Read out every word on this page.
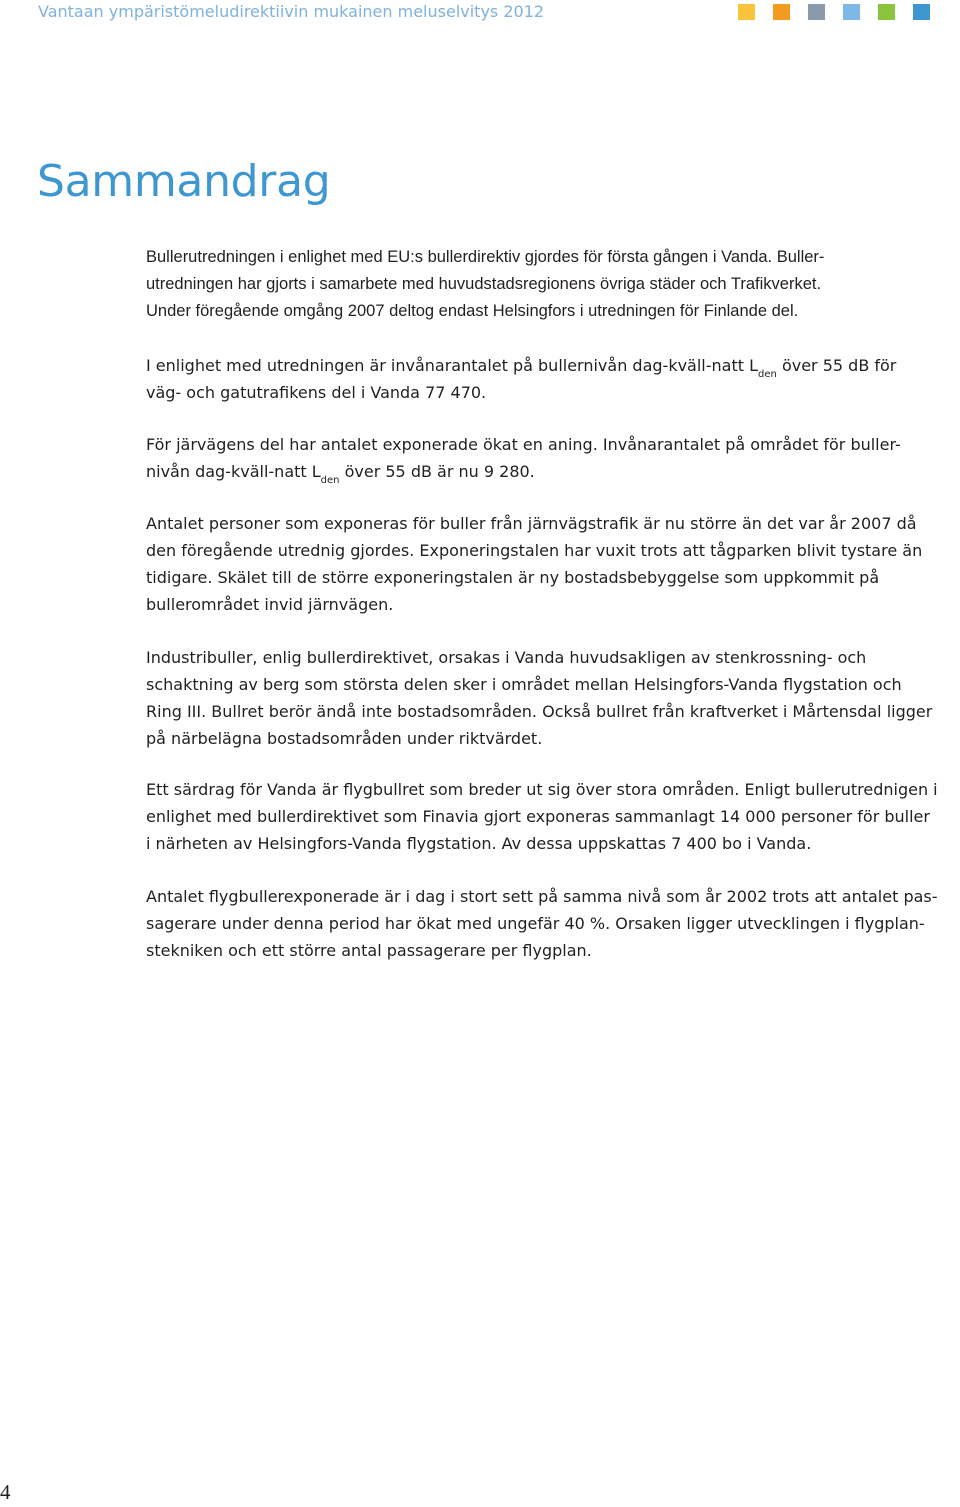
Vantaan ympäristömeludirektiivin mukainen meluselvitys 2012
Sammandrag

Bullerutredningen i enlighet med EU:s bullerdirektiv gjordes för första gången i Vanda. Buller-
utredningen har gjorts i samarbete med huvudstadsregionens övriga städer och Trafikverket.
Under föregående omgång 2007 deltog endast Helsingfors i utredningen för Finlande del.

I enlighet med utredningen är invånarantalet på bullernivån dag-kväll-natt $L_{den}$ över 55 dB för
väg- och gatutrafikens del i Vanda 77 470.

För järvägens del har antalet exponerade ökat en aning. Invånarantalet på området för buller-
nivån dag-kväll-natt $L_{den}$ över 55 dB är nu 9 280.

Antalet personer som exponeras för buller från järnvägstrafik är nu större än det var år 2007 då
den föregående utrednig gjordes. Exponeringstalen har vuxit trots att tågparken blivit tystare än
tidigare. Skälet till de större exponeringstalen är ny bostadsbebyggelse som uppkommit på
bullerområdet invid järnvägen.

Industribuller, enlig bullerdirektivet, orsakas i Vanda huvudsakligen av stenkrossning- och
schaktning av berg som största delen sker i området mellan Helsingfors-Vanda flygstation och
Ring III. Bullret berör ändå inte bostadsområden. Också bullret från kraftverket i Mårtensdal ligger
på närbelägna bostadsområden under riktvärdet.

Ett särdrag för Vanda är flygbullret som breder ut sig över stora områden. Enligt bullerutrednigen i
enlighet med bullerdirektivet som Finavia gjort exponeras sammanlagt 14 000 personer för buller
i närheten av Helsingfors-Vanda flygstation. Av dessa uppskattas 7 400 bo i Vanda.

Antalet flygbullerexponerade är i dag i stort sett på samma nivå som år 2002 trots att antalet pas-
sagerare under denna period har ökat med ungefär 40 %. Orsaken ligger utvecklingen i flygplan-
stekniken och ett större antal passagerare per flygplan.

4
